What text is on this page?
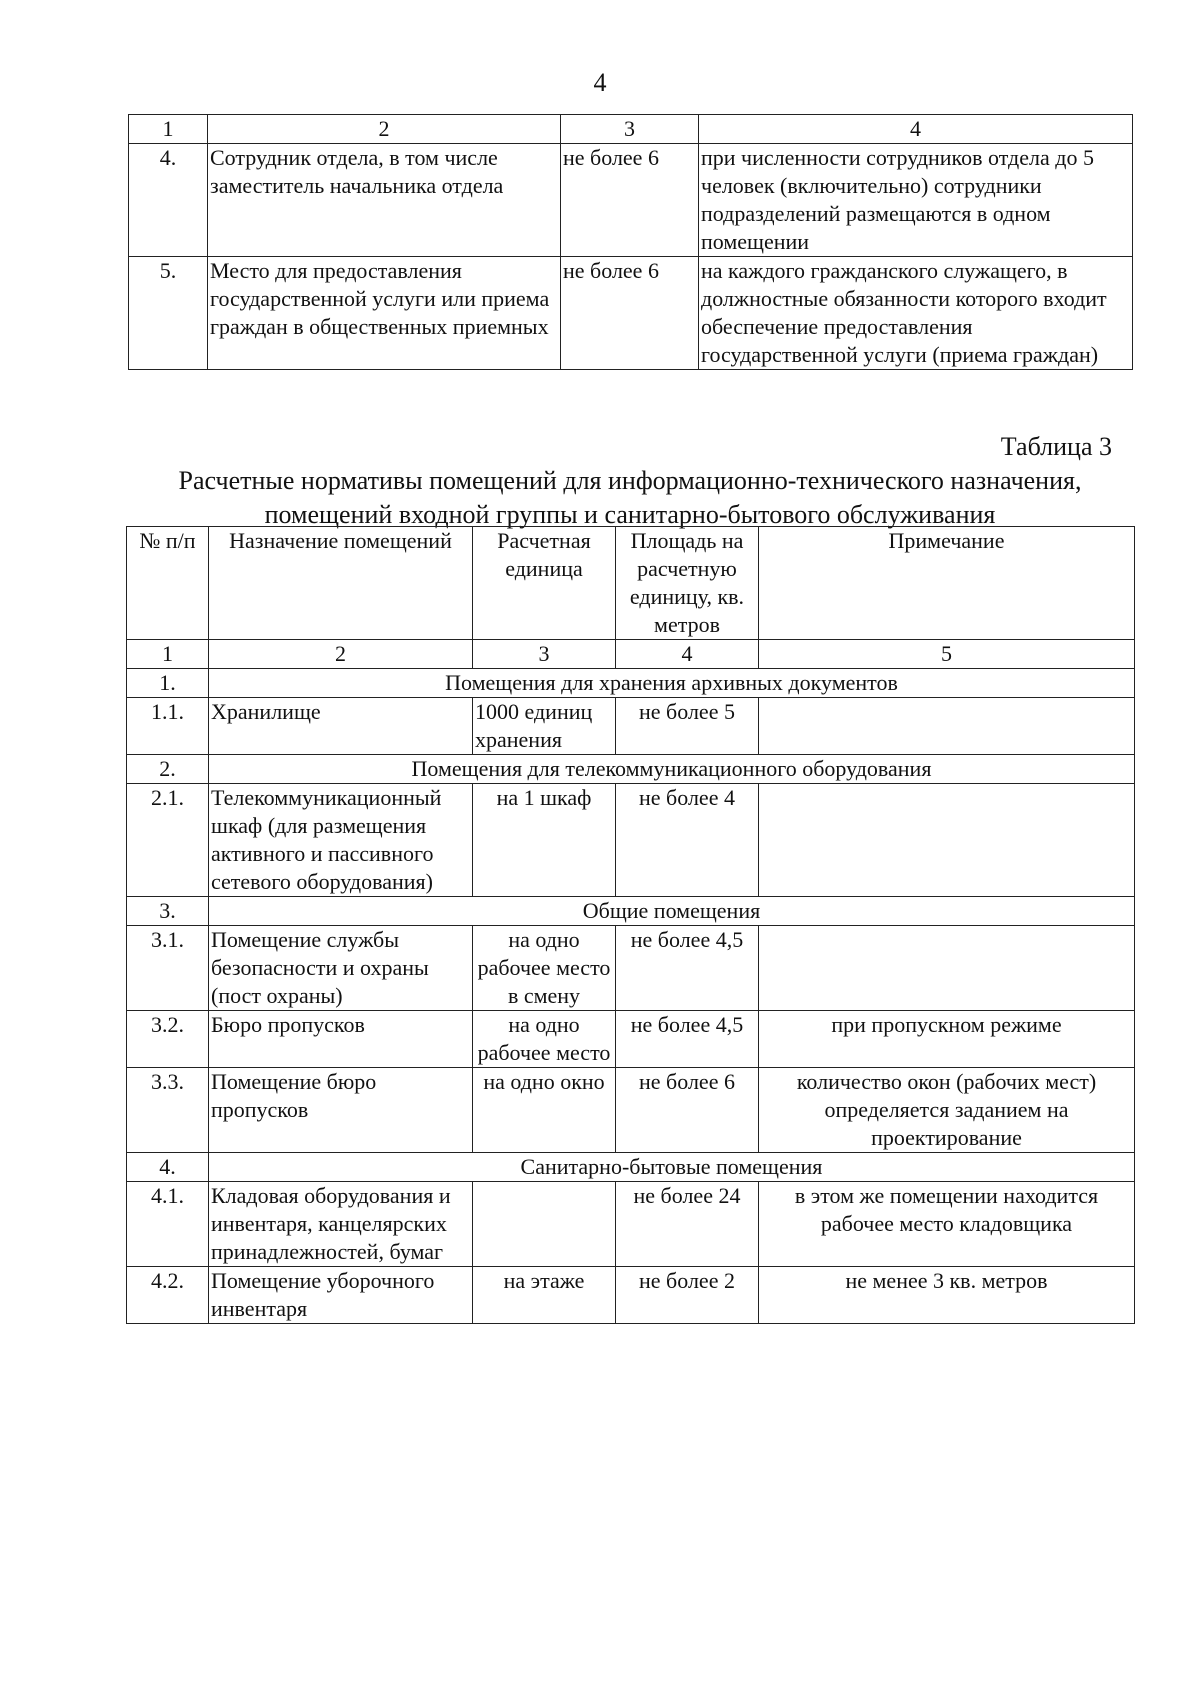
4
1	2	3	4
4.	Сотрудник отдела, в том числе заместитель начальника отдела	не более 6	при численности сотрудников отдела до 5 человек (включительно) сотрудники подразделений размещаются в одном помещении
5.	Место для предоставления государственной услуги или приема граждан в общественных приемных	не более 6	на каждого гражданского служащего, в должностные обязанности которого входит обеспечение предоставления государственной услуги (приема граждан)
Таблица 3
Расчетные нормативы помещений для информационно-технического назначения, помещений входной группы и санитарно-бытового обслуживания
№ п/п	Назначение помещений	Расчетная единица	Площадь на расчетную единицу, кв. метров	Примечание
1	2	3	4	5
1.	Помещения для хранения архивных документов			
1.1.	Хранилище	1000 единиц хранения	не более 5	
2.	Помещения для телекоммуникационного оборудования			
2.1.	Телекоммуникационный шкаф (для размещения активного и пассивного сетевого оборудования)	на 1 шкаф	не более 4	
3.	Общие помещения			
3.1.	Помещение службы безопасности и охраны (пост охраны)	на одно рабочее место в смену	не более 4,5	
3.2.	Бюро пропусков	на одно рабочее место	не более 4,5	при пропускном режиме
3.3.	Помещение бюро пропусков	на одно окно	не более 6	количество окон (рабочих мест) определяется заданием на проектирование
4.	Санитарно-бытовые помещения			
4.1.	Кладовая оборудования и инвентаря, канцелярских принадлежностей, бумаг		не более 24	в этом же помещении находится рабочее место кладовщика
4.2.	Помещение уборочного инвентаря	на этаже	не более 2	не менее 3 кв. метров
